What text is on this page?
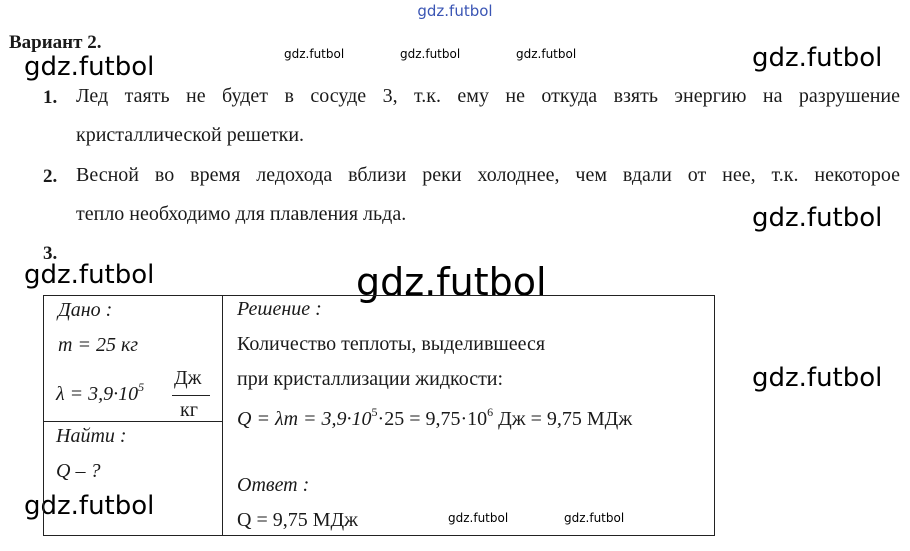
gdz.futbol
gdz.futbol	gdz.futbol	gdz.futbol
gdz.futbol	gdz.futbol
gdz.futbol	gdz.futbol
gdz.futbol
gdz.futbol
gdz.futbol
gdz.futbol
gdz.futbol
Вариант 2.
1. Лед таять не будет в сосуде 3, т.к. ему не откуда взять энергию на разрушение
кристаллической решетки.
2. Весной во время ледохода вблизи реки холоднее, чем вдали от нее, т.к. некоторое
тепло необходимо для плавления льда.
3.
Дано :
m = 25 кг
$\lambda = 3,9\cdot 10^5$ Дж
кг
Найти :
Q – ?
Решение :
Количество теплоты, выделившееся
при кристаллизации жидкости:
$Q = \lambda m = 3,9\cdot 10^5\cdot 25 = 9,75\cdot 10^6$ Дж = 9,75 МДж
Ответ :
Q = 9,75 МДж
